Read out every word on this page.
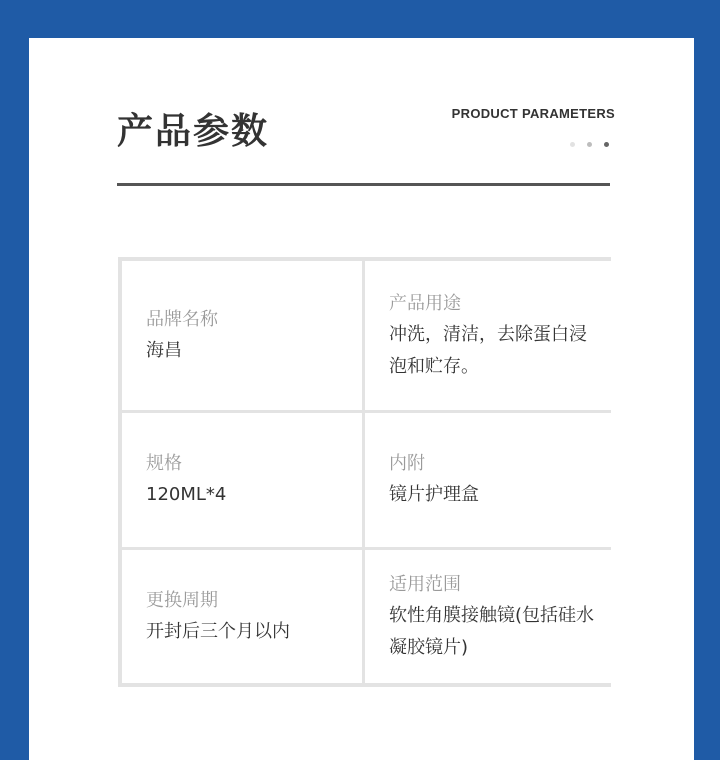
产品参数	PRODUCT PARAMETERS
品牌名称
海昌
产品用途
冲洗，清洁，去除蛋白浸泡和贮存。
规格
120ML*4
内附
镜片护理盒
更换周期
开封后三个月以内
适用范围
软性角膜接触镜(包括硅水凝胶镜片)
